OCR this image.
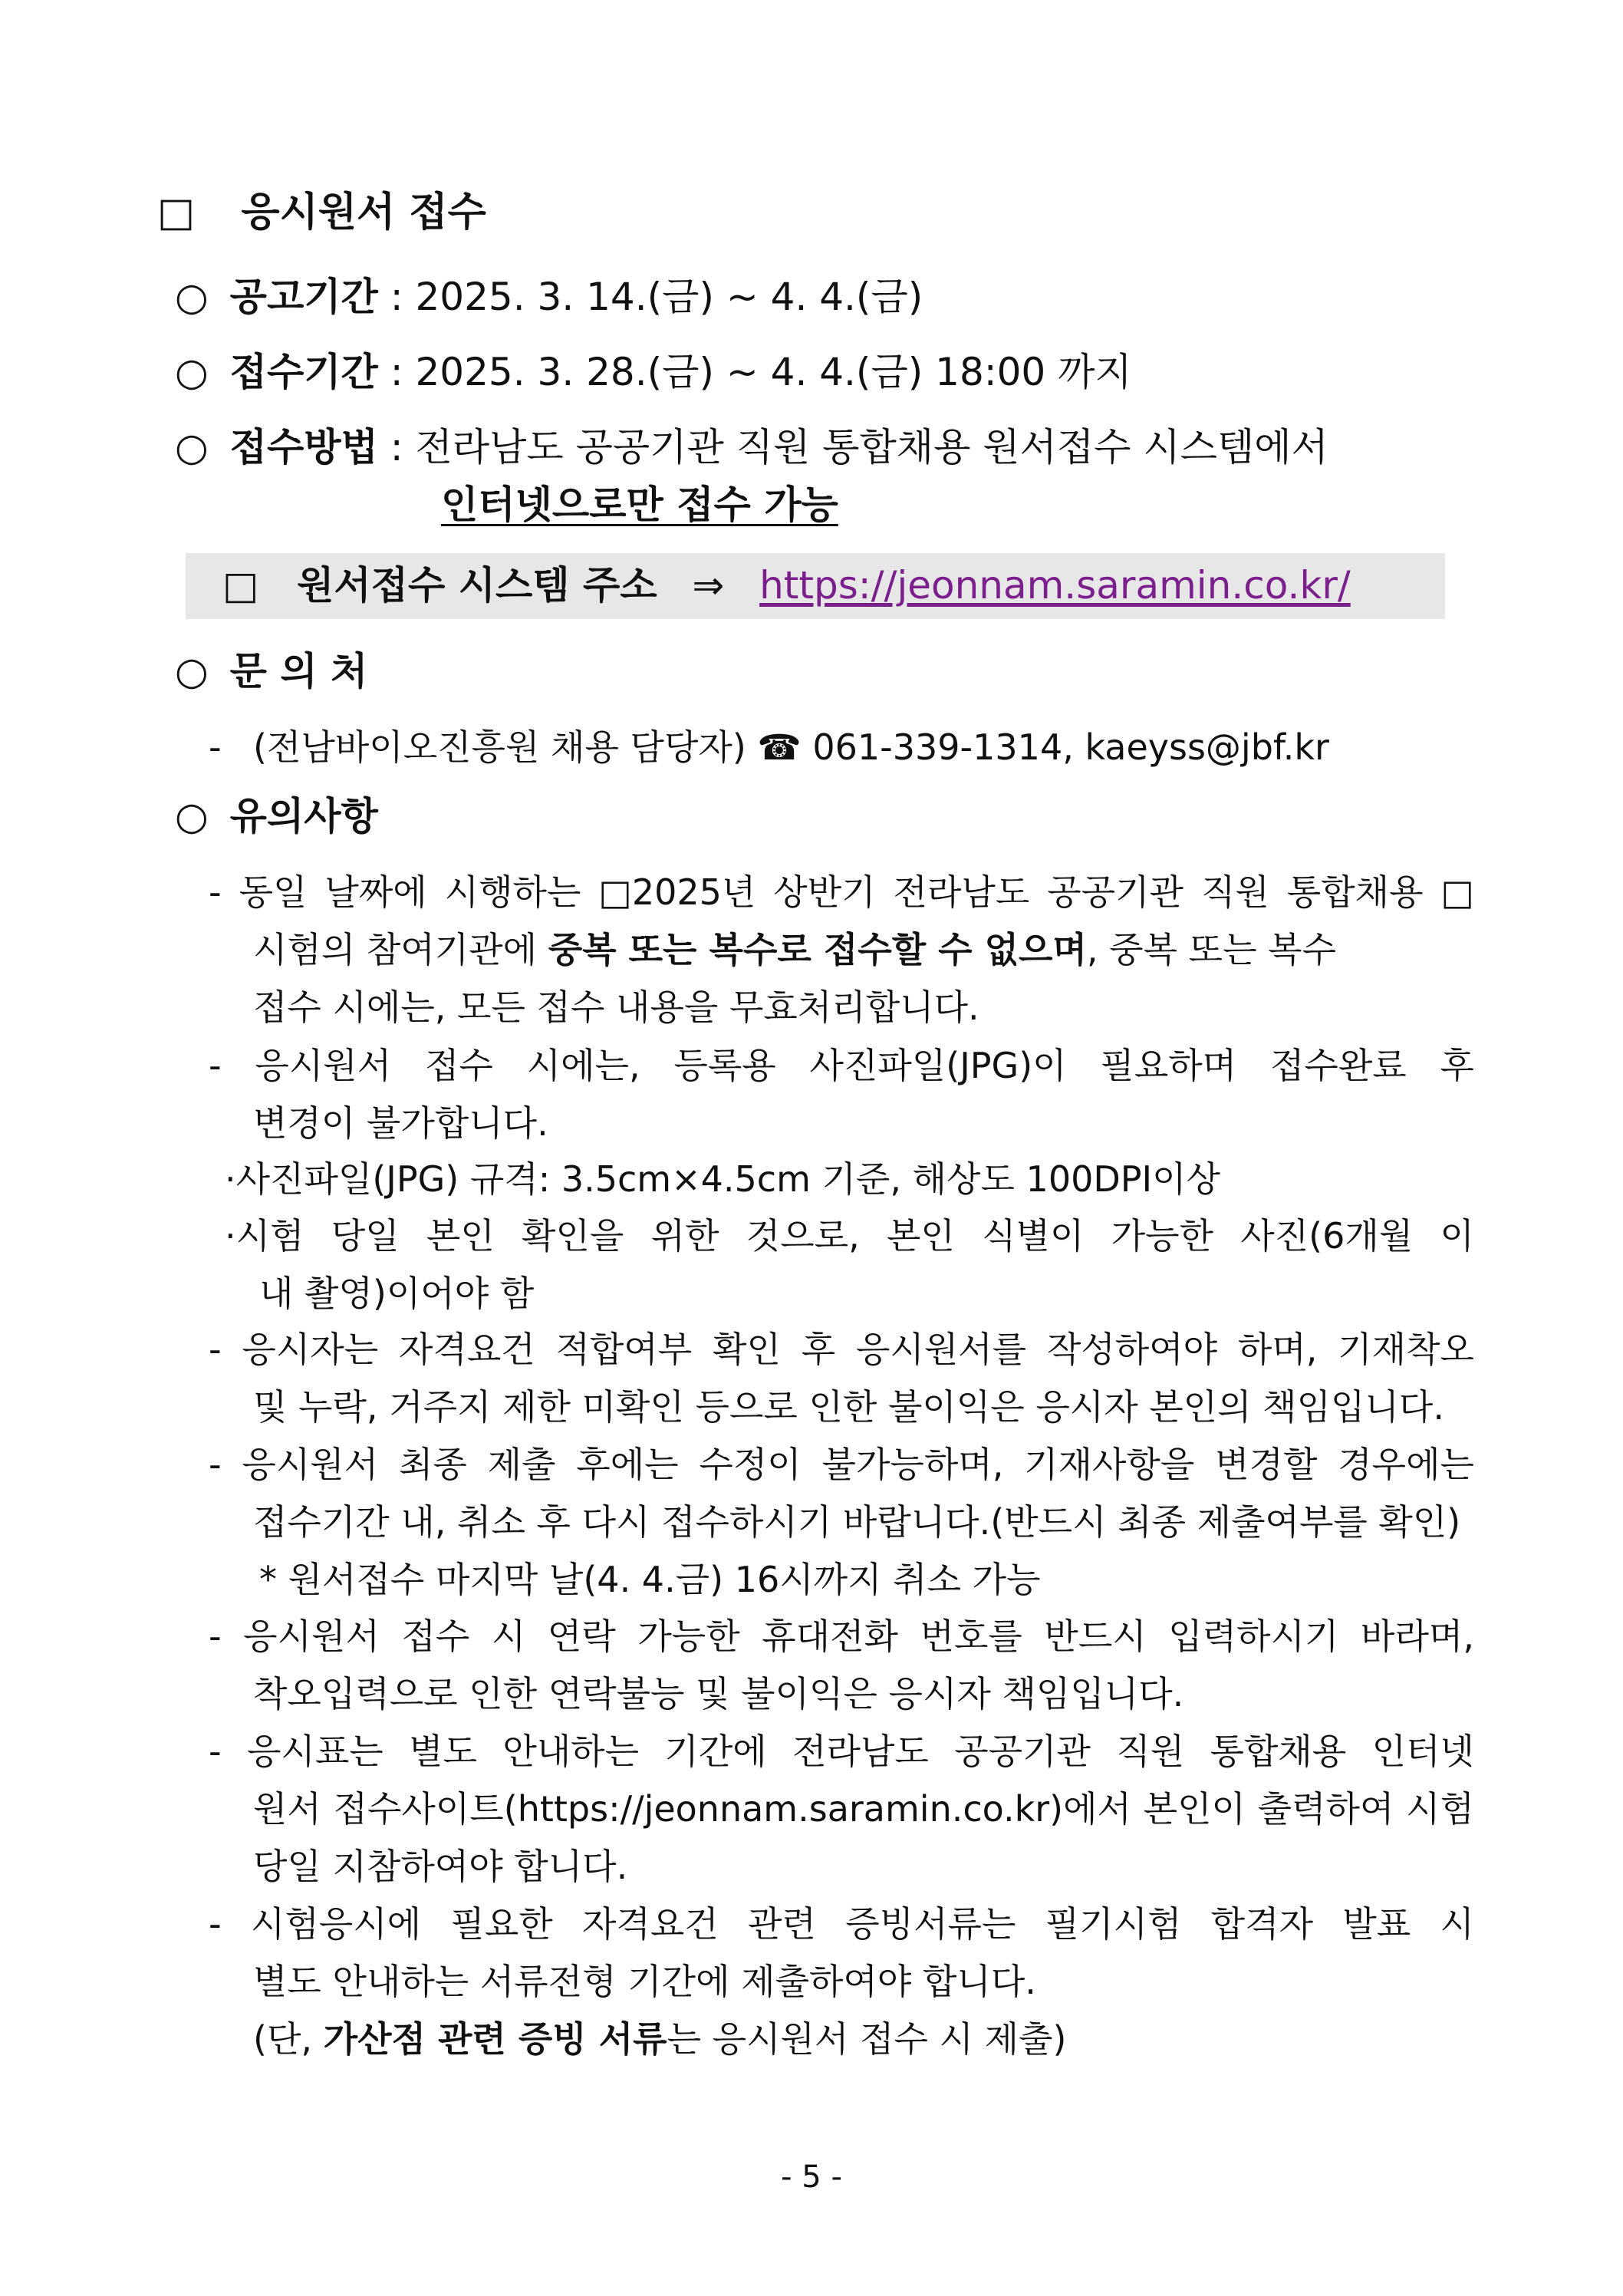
□ 응시원서 접수
○ 공고기간 : 2025. 3. 14.(금) ~ 4. 4.(금)
○ 접수기간 : 2025. 3. 28.(금) ~ 4. 4.(금) 18:00 까지
○ 접수방법 : 전라남도 공공기관 직원 통합채용 원서접수 시스템에서
인터넷으로만 접수 가능
□ 원서접수 시스템 주소 ⇒ https://jeonnam.saramin.co.kr/
○ 문 의 처
- (전남바이오진흥원 채용 담당자) ☎ 061-339-1314, kaeyss@jbf.kr
○ 유의사항
- 동일 날짜에 시행하는 □2025년 상반기 전라남도 공공기관 직원 통합채용 □
시험의 참여기관에 중복 또는 복수로 접수할 수 없으며, 중복 또는 복수
접수 시에는, 모든 접수 내용을 무효처리합니다.
- 응시원서 접수 시에는, 등록용 사진파일(JPG)이 필요하며 접수완료 후
변경이 불가합니다.
·사진파일(JPG) 규격: 3.5cm×4.5cm 기준, 해상도 100DPI이상
·시험 당일 본인 확인을 위한 것으로, 본인 식별이 가능한 사진(6개월 이
내 촬영)이어야 함
- 응시자는 자격요건 적합여부 확인 후 응시원서를 작성하여야 하며, 기재착오
및 누락, 거주지 제한 미확인 등으로 인한 불이익은 응시자 본인의 책임입니다.
- 응시원서 최종 제출 후에는 수정이 불가능하며, 기재사항을 변경할 경우에는
접수기간 내, 취소 후 다시 접수하시기 바랍니다.(반드시 최종 제출여부를 확인)
* 원서접수 마지막 날(4. 4.금) 16시까지 취소 가능
- 응시원서 접수 시 연락 가능한 휴대전화 번호를 반드시 입력하시기 바라며,
착오입력으로 인한 연락불능 및 불이익은 응시자 책임입니다.
- 응시표는 별도 안내하는 기간에 전라남도 공공기관 직원 통합채용 인터넷
원서 접수사이트(https://jeonnam.saramin.co.kr)에서 본인이 출력하여 시험
당일 지참하여야 합니다.
- 시험응시에 필요한 자격요건 관련 증빙서류는 필기시험 합격자 발표 시
별도 안내하는 서류전형 기간에 제출하여야 합니다.
(단, 가산점 관련 증빙 서류는 응시원서 접수 시 제출)
- 5 -
